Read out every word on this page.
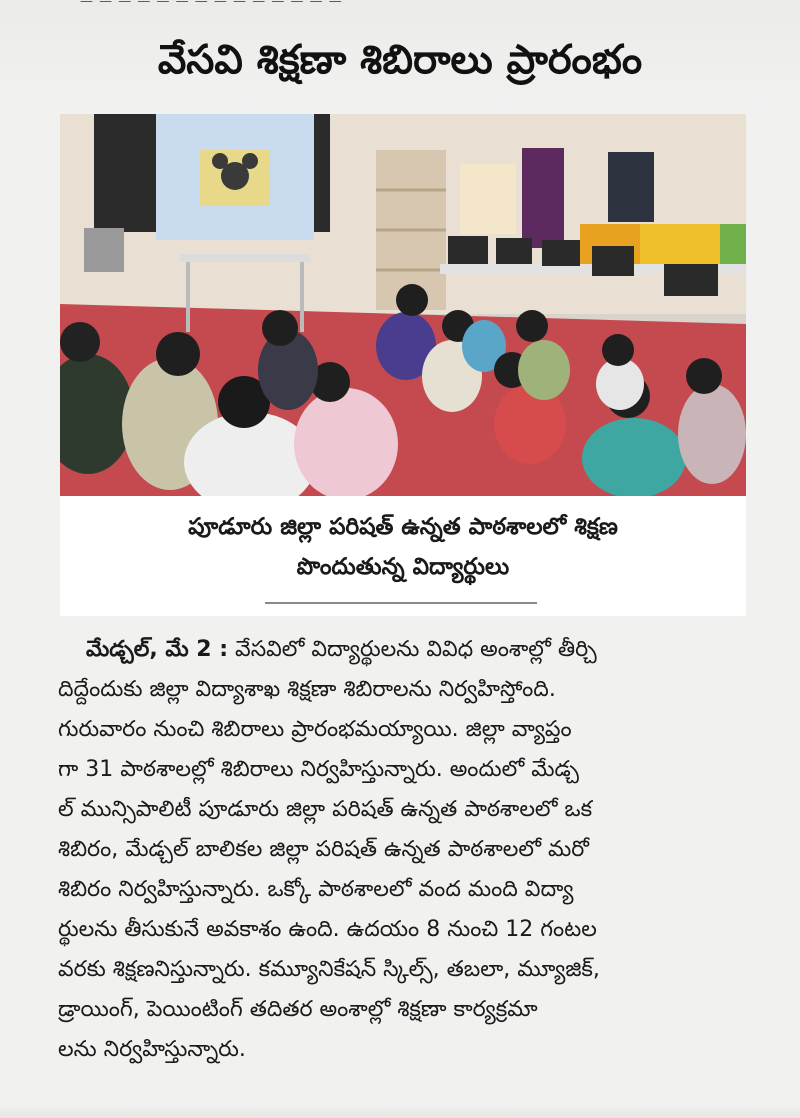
— — — — — — — — — — — — — —
వేసవి శిక్షణా శిబిరాలు ప్రారంభం
పూడూరు జిల్లా పరిషత్ ఉన్నత పాఠశాలలో శిక్షణ
పొందుతున్న విద్యార్థులు
మేడ్చల్, మే 2 : వేసవిలో విద్యార్థులను వివిధ అంశాల్లో తీర్చి
దిద్దేందుకు జిల్లా విద్యాశాఖ శిక్షణా శిబిరాలను నిర్వహిస్తోంది.
గురువారం నుంచి శిబిరాలు ప్రారంభమయ్యాయి. జిల్లా వ్యాప్తం
గా 31 పాఠశాలల్లో శిబిరాలు నిర్వహిస్తున్నారు. అందులో మేడ్చ
ల్ మున్సిపాలిటీ పూడూరు జిల్లా పరిషత్ ఉన్నత పాఠశాలలో ఒక
శిబిరం, మేడ్చల్ బాలికల జిల్లా పరిషత్ ఉన్నత పాఠశాలలో మరో
శిబిరం నిర్వహిస్తున్నారు. ఒక్కో పాఠశాలలో వంద మంది విద్యా
ర్థులను తీసుకునే అవకాశం ఉంది. ఉదయం 8 నుంచి 12 గంటల
వరకు శిక్షణనిస్తున్నారు. కమ్యూనికేషన్ స్కిల్స్, తబలా, మ్యూజిక్,
డ్రాయింగ్, పెయింటింగ్ తదితర అంశాల్లో శిక్షణా కార్యక్రమా
లను నిర్వహిస్తున్నారు.
